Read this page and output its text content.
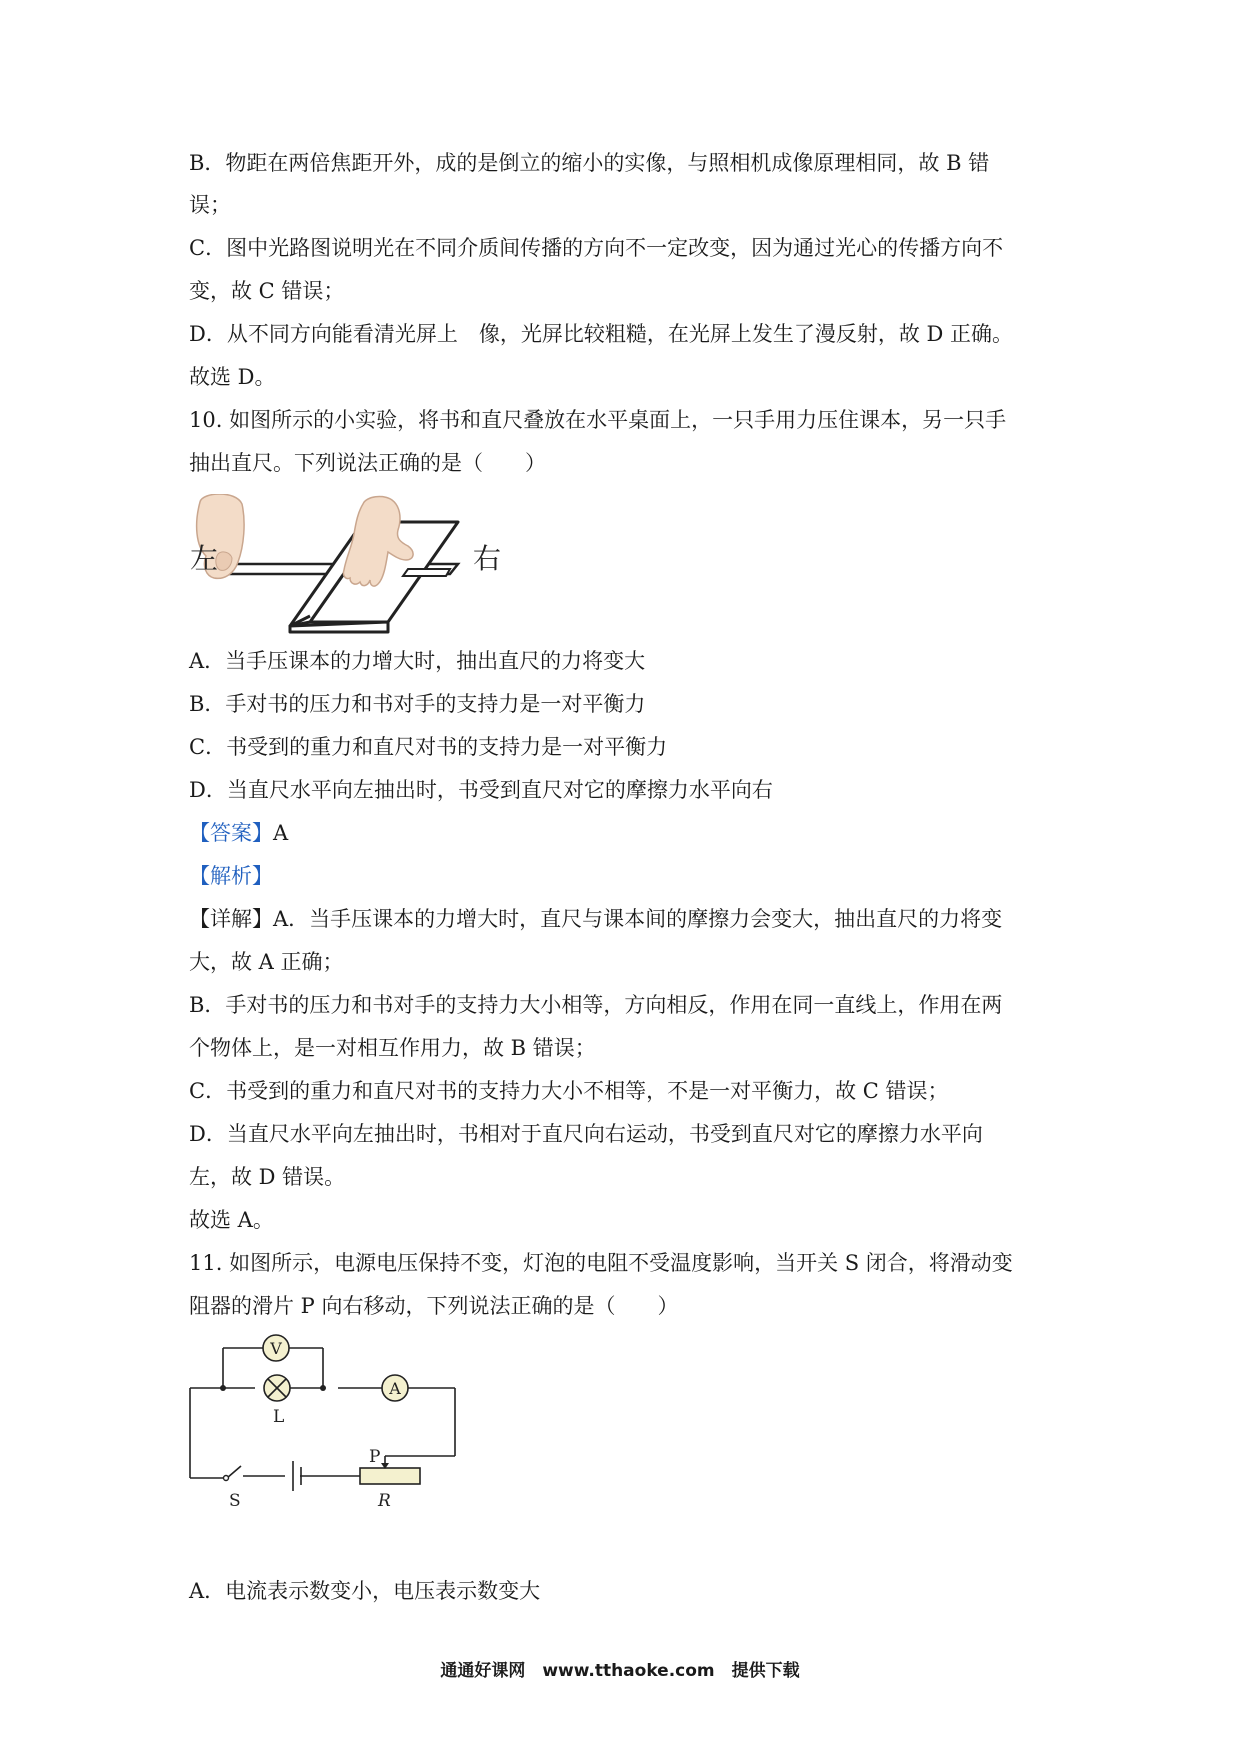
B．物距在两倍焦距开外，成的是倒立的缩小的实像，与照相机成像原理相同，故 B 错
误；
C．图中光路图说明光在不同介质间传播的方向不一定改变，因为通过光心的传播方向不
变，故 C 错误；
D．从不同方向能看清光屏上　像，光屏比较粗糙，在光屏上发生了漫反射，故 D 正确。
故选 D。
10. 如图所示的小实验，将书和直尺叠放在水平桌面上，一只手用力压住课本，另一只手
抽出直尺。下列说法正确的是（　　）
左	右
A．当手压课本的力增大时，抽出直尺的力将变大
B．手对书的压力和书对手的支持力是一对平衡力
C．书受到的重力和直尺对书的支持力是一对平衡力
D．当直尺水平向左抽出时，书受到直尺对它的摩擦力水平向右
【答案】A
【解析】
【详解】A．当手压课本的力增大时，直尺与课本间的摩擦力会变大，抽出直尺的力将变
大，故 A 正确；
B．手对书的压力和书对手的支持力大小相等，方向相反，作用在同一直线上，作用在两
个物体上，是一对相互作用力，故 B 错误；
C．书受到的重力和直尺对书的支持力大小不相等，不是一对平衡力，故 C 错误；
D．当直尺水平向左抽出时，书相对于直尺向右运动，书受到直尺对它的摩擦力水平向
左，故 D 错误。
故选 A。
11. 如图所示，电源电压保持不变，灯泡的电阻不受温度影响，当开关 S 闭合，将滑动变
阻器的滑片 P 向右移动，下列说法正确的是（　　）
V
A
L
S
P
R
A．电流表示数变小，电压表示数变大
通通好课网　www.tthaoke.com　提供下载
